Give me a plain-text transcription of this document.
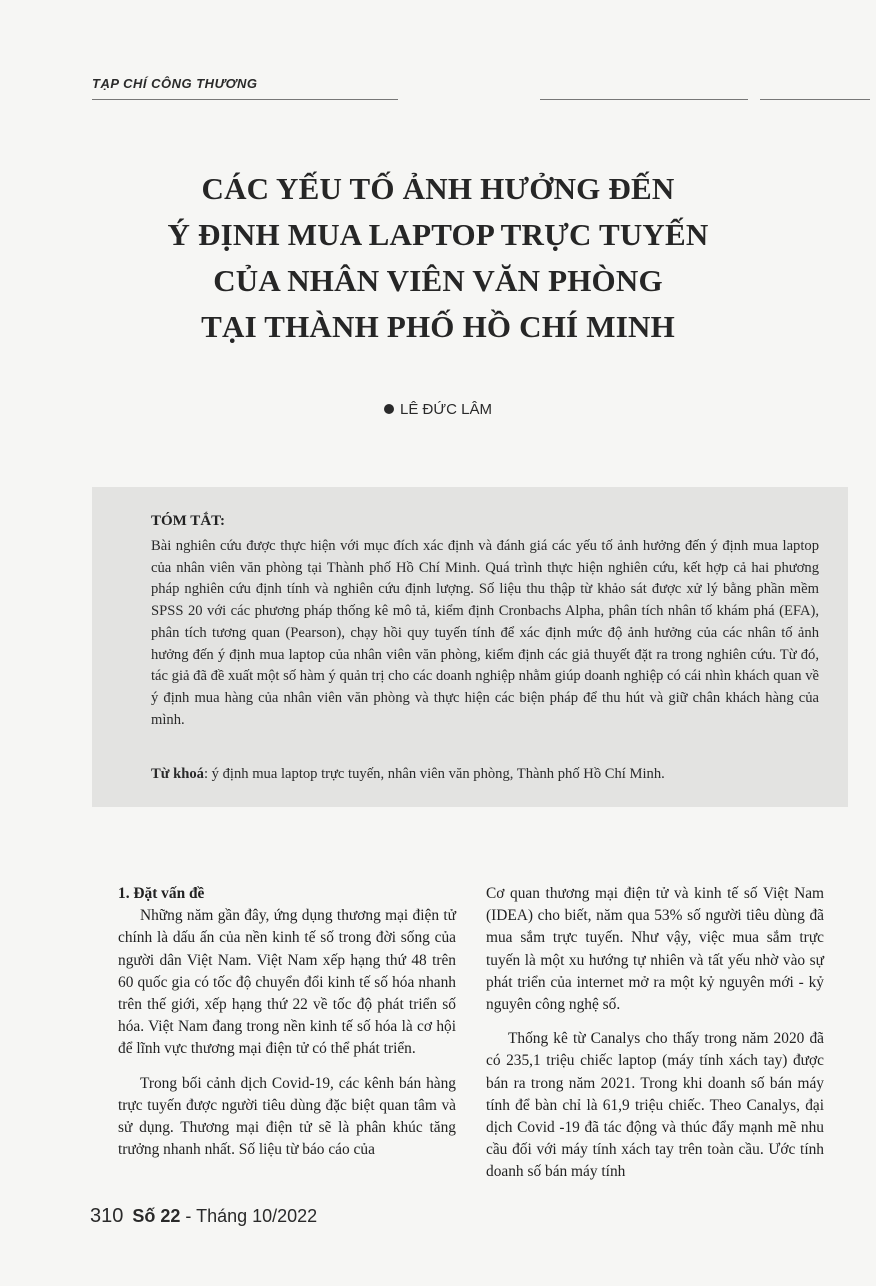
TẠP CHÍ CÔNG THƯƠNG
CÁC YẾU TỐ ẢNH HƯỞNG ĐẾN
Ý ĐỊNH MUA LAPTOP TRỰC TUYẾN
CỦA NHÂN VIÊN VĂN PHÒNG
TẠI THÀNH PHỐ HỒ CHÍ MINH
LÊ ĐỨC LÂM
TÓM TẮT:

Bài nghiên cứu được thực hiện với mục đích xác định và đánh giá các yếu tố ảnh hưởng đến ý định mua laptop của nhân viên văn phòng tại Thành phố Hồ Chí Minh. Quá trình thực hiện nghiên cứu, kết hợp cả hai phương pháp nghiên cứu định tính và nghiên cứu định lượng. Số liệu thu thập từ khảo sát được xử lý bằng phần mềm SPSS 20 với các phương pháp thống kê mô tả, kiểm định Cronbachs Alpha, phân tích nhân tố khám phá (EFA), phân tích tương quan (Pearson), chạy hồi quy tuyến tính để xác định mức độ ảnh hưởng của các nhân tố ảnh hưởng đến ý định mua laptop của nhân viên văn phòng, kiểm định các giả thuyết đặt ra trong nghiên cứu. Từ đó, tác giả đã đề xuất một số hàm ý quản trị cho các doanh nghiệp nhằm giúp doanh nghiệp có cái nhìn khách quan về ý định mua hàng của nhân viên văn phòng và thực hiện các biện pháp để thu hút và giữ chân khách hàng của mình.

Từ khoá: ý định mua laptop trực tuyến, nhân viên văn phòng, Thành phố Hồ Chí Minh.

1. Đặt vấn đề

Những năm gần đây, ứng dụng thương mại điện tử chính là dấu ấn của nền kinh tế số trong đời sống của người dân Việt Nam. Việt Nam xếp hạng thứ 48 trên 60 quốc gia có tốc độ chuyển đổi kinh tế số hóa nhanh trên thế giới, xếp hạng thứ 22 về tốc độ phát triển số hóa. Việt Nam đang trong nền kinh tế số hóa là cơ hội để lĩnh vực thương mại điện tử có thể phát triển.

Trong bối cảnh dịch Covid-19, các kênh bán hàng trực tuyến được người tiêu dùng đặc biệt quan tâm và sử dụng. Thương mại điện tử sẽ là phân khúc tăng trưởng nhanh nhất. Số liệu từ báo cáo của

Cơ quan thương mại điện tử và kinh tế số Việt Nam (IDEA) cho biết, năm qua 53% số người tiêu dùng đã mua sắm trực tuyến. Như vậy, việc mua sắm trực tuyến là một xu hướng tự nhiên và tất yếu nhờ vào sự phát triển của internet mở ra một kỷ nguyên mới - kỷ nguyên công nghệ số.

Thống kê từ Canalys cho thấy trong năm 2020 đã có 235,1 triệu chiếc laptop (máy tính xách tay) được bán ra trong năm 2021. Trong khi doanh số bán máy tính để bàn chỉ là 61,9 triệu chiếc. Theo Canalys, đại dịch Covid -19 đã tác động và thúc đẩy mạnh mẽ nhu cầu đối với máy tính xách tay trên toàn cầu. Ước tính doanh số bán máy tính

310 Số 22 - Tháng 10/2022
